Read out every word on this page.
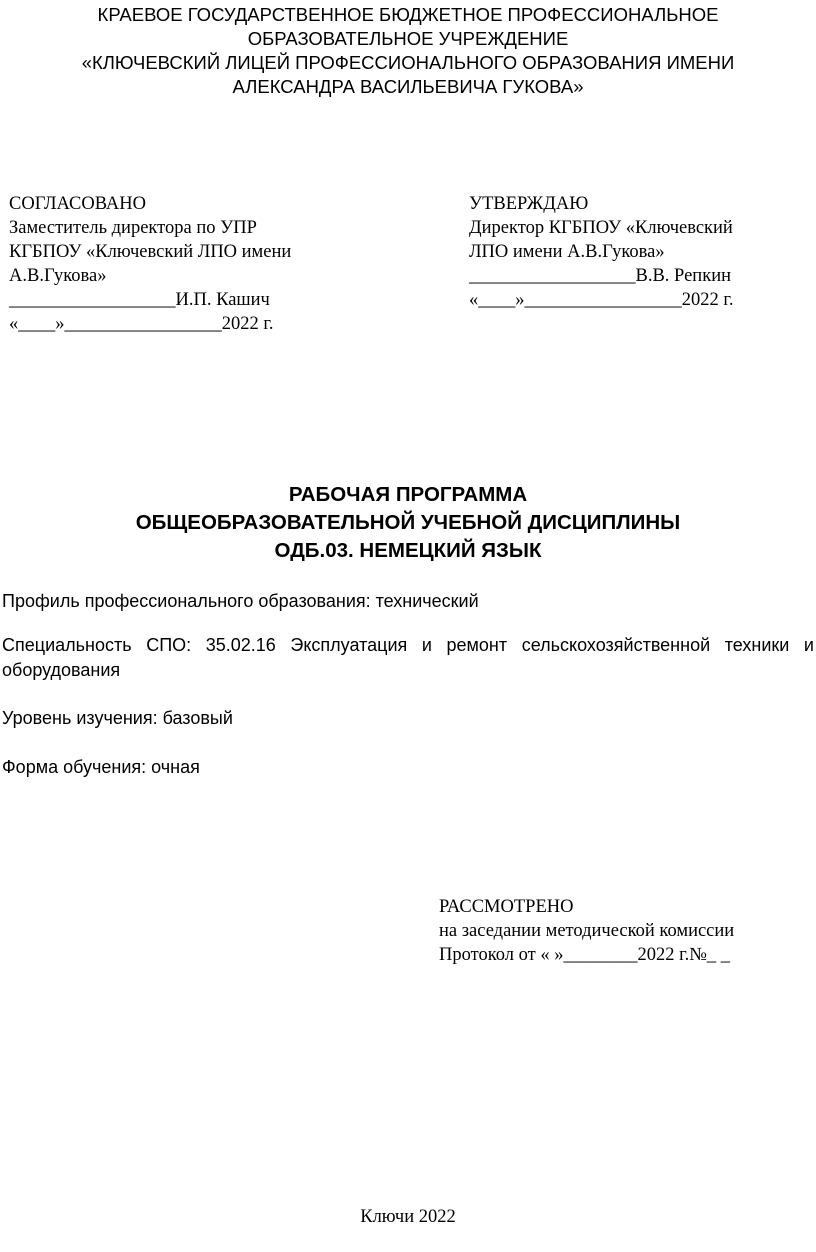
КРАЕВОЕ ГОСУДАРСТВЕННОЕ БЮДЖЕТНОЕ ПРОФЕССИОНАЛЬНОЕ
ОБРАЗОВАТЕЛЬНОЕ УЧРЕЖДЕНИЕ
«КЛЮЧЕВСКИЙ ЛИЦЕЙ ПРОФЕССИОНАЛЬНОГО ОБРАЗОВАНИЯ ИМЕНИ
АЛЕКСАНДРА ВАСИЛЬЕВИЧА ГУКОВА»
СОГЛАСОВАНО
Заместитель директора по УПР
КГБПОУ «Ключевский ЛПО имени
А.В.Гукова»
__________________И.П. Кашич
«____»_________________2022 г.
УТВЕРЖДАЮ
Директор КГБПОУ «Ключевский
ЛПО имени А.В.Гукова»
__________________В.В. Репкин
«____»_________________2022 г.
РАБОЧАЯ ПРОГРАММА
ОБЩЕОБРАЗОВАТЕЛЬНОЙ УЧЕБНОЙ ДИСЦИПЛИНЫ
ОДБ.03. НЕМЕЦКИЙ ЯЗЫК
Профиль профессионального образования: технический
Специальность СПО: 35.02.16 Эксплуатация и ремонт сельскохозяйственной техники и оборудования
Уровень изучения: базовый
Форма обучения: очная
РАССМОТРЕНО
на заседании методической комиссии
Протокол от « »________2022 г.№_ _
Ключи 2022
